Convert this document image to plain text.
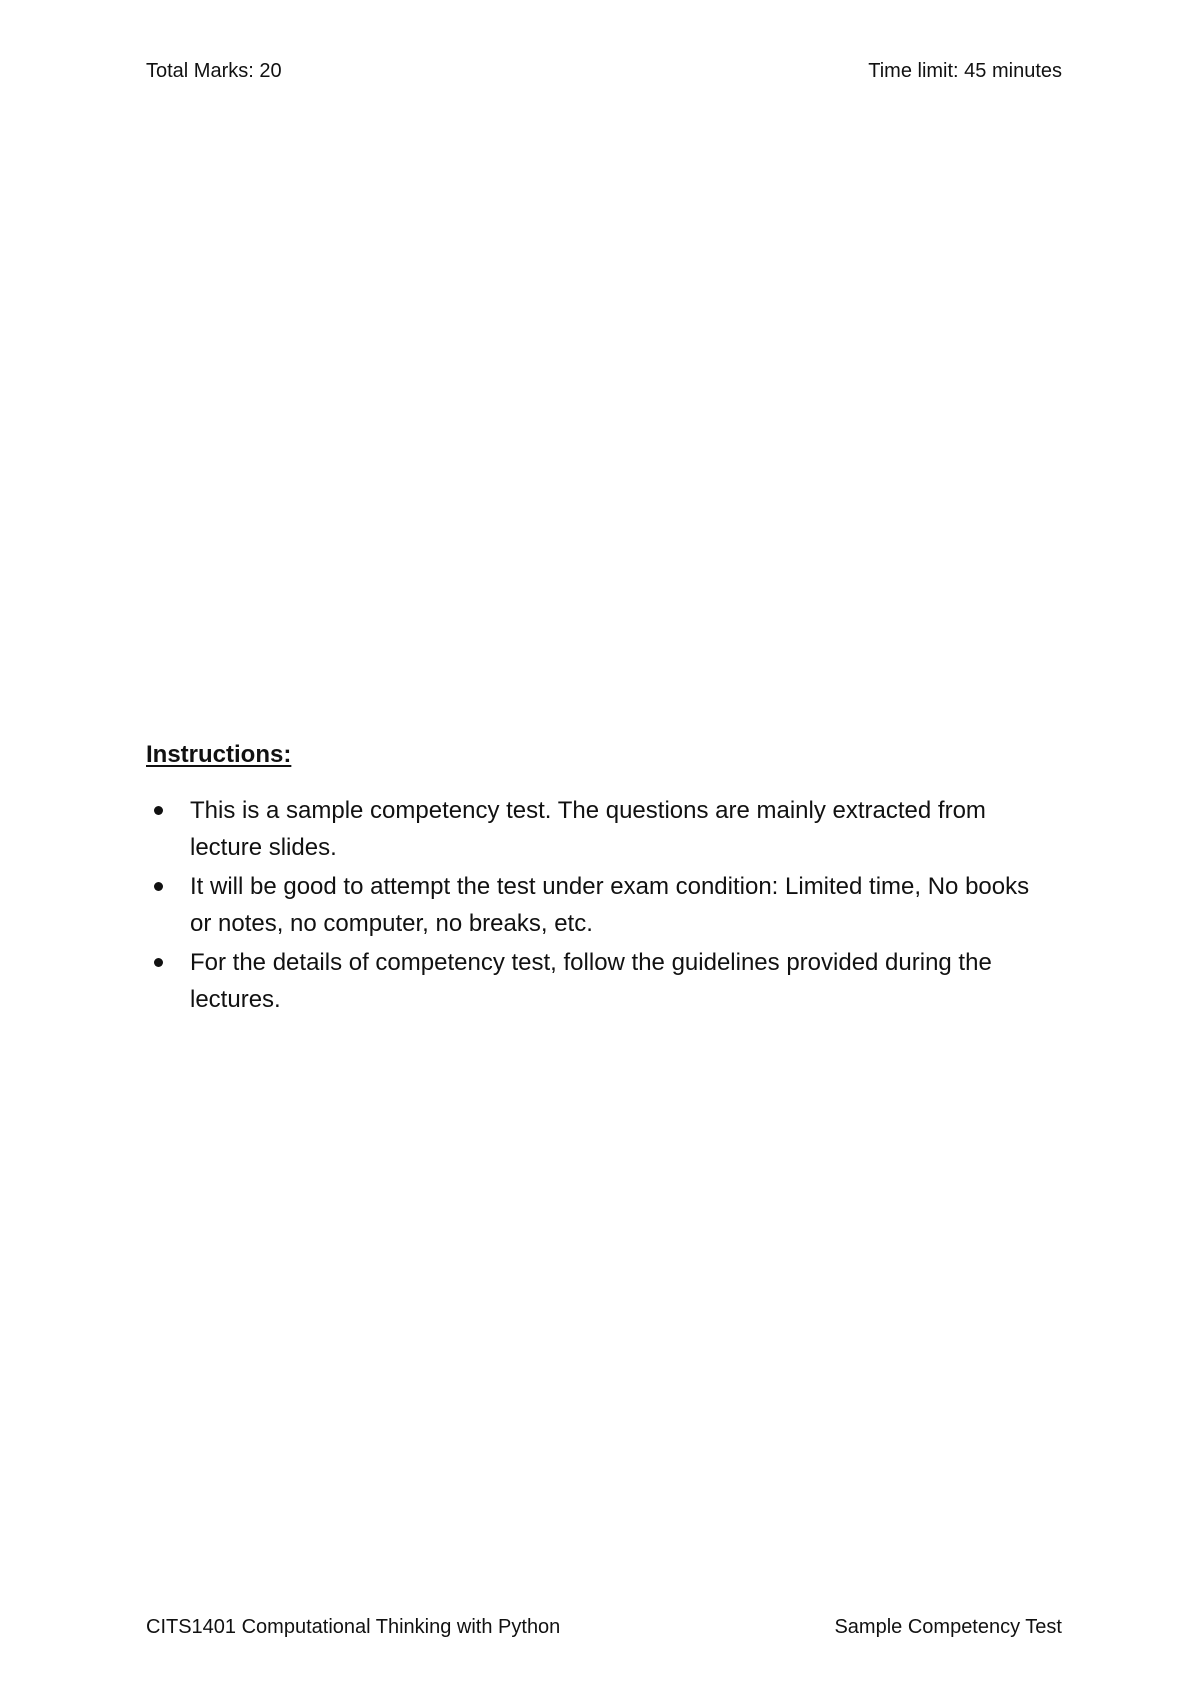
Total Marks: 20	Time limit: 45 minutes
Instructions:
This is a sample competency test. The questions are mainly extracted from lecture slides.
It will be good to attempt the test under exam condition: Limited time, No books or notes, no computer, no breaks, etc.
For the details of competency test, follow the guidelines provided during the lectures.
CITS1401 Computational Thinking with Python	Sample Competency Test
